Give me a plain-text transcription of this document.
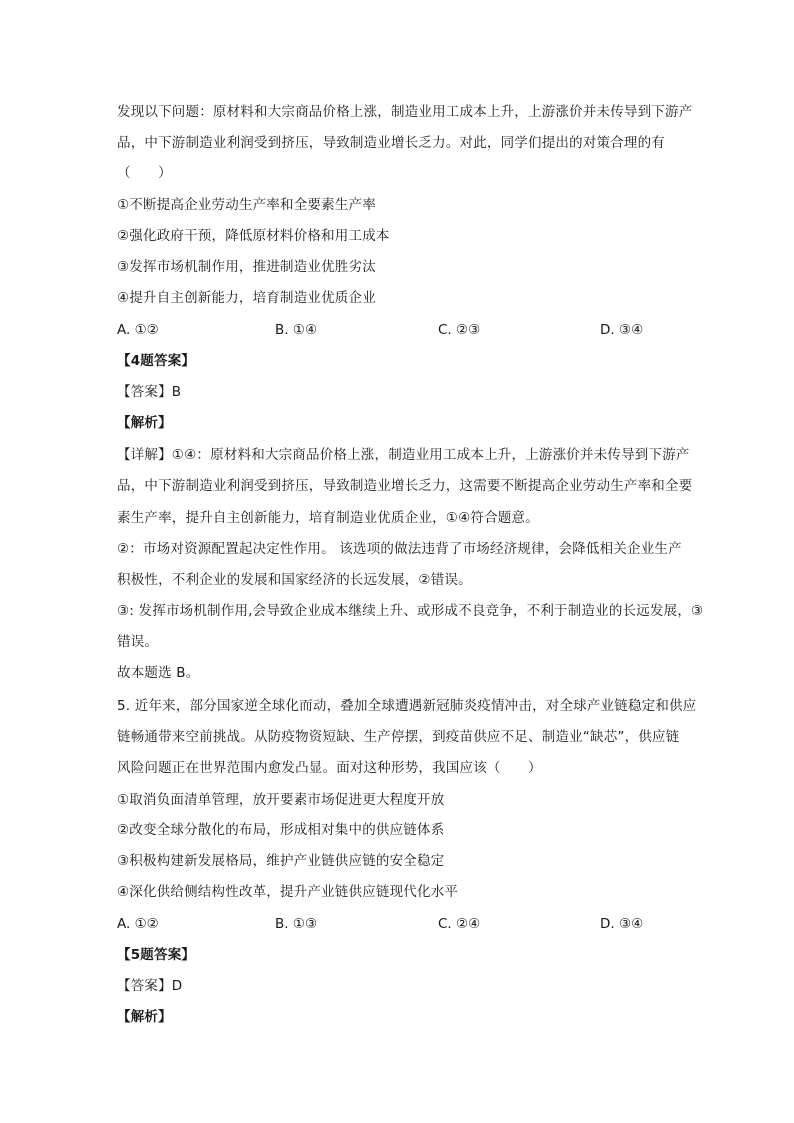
发现以下问题：原材料和大宗商品价格上涨，制造业用工成本上升，上游涨价并未传导到下游产
品，中下游制造业利润受到挤压，导致制造业增长乏力。对此，同学们提出的对策合理的有
（　　）
①不断提高企业劳动生产率和全要素生产率
②强化政府干预，降低原材料价格和用工成本
③发挥市场机制作用，推进制造业优胜劣汰
④提升自主创新能力，培育制造业优质企业
A. ①②	B. ①④	C. ②③	D. ③④
【4题答案】
【答案】B
【解析】
【详解】①④：原材料和大宗商品价格上涨，制造业用工成本上升，上游涨价并未传导到下游产
品，中下游制造业利润受到挤压，导致制造业增长乏力，这需要不断提高企业劳动生产率和全要
素生产率，提升自主创新能力，培育制造业优质企业，①④符合题意。
②：市场对资源配置起决定性作用。 该选项的做法违背了市场经济规律，会降低相关企业生产
积极性，不利企业的发展和国家经济的长远发展，②错误。
③: 发挥市场机制作用,会导致企业成本继续上升、或形成不良竞争，不利于制造业的长远发展，③
错误。
故本题选 B。
5. 近年来，部分国家逆全球化而动，叠加全球遭遇新冠肺炎疫情冲击，对全球产业链稳定和供应
链畅通带来空前挑战。从防疫物资短缺、生产停摆，到疫苗供应不足、制造业“缺芯”，供应链
风险问题正在世界范围内愈发凸显。面对这种形势，我国应该（　　）
①取消负面清单管理，放开要素市场促进更大程度开放
②改变全球分散化的布局，形成相对集中的供应链体系
③积极构建新发展格局，维护产业链供应链的安全稳定
④深化供给侧结构性改革，提升产业链供应链现代化水平
A. ①②	B. ①③	C. ②④	D. ③④
【5题答案】
【答案】D
【解析】
